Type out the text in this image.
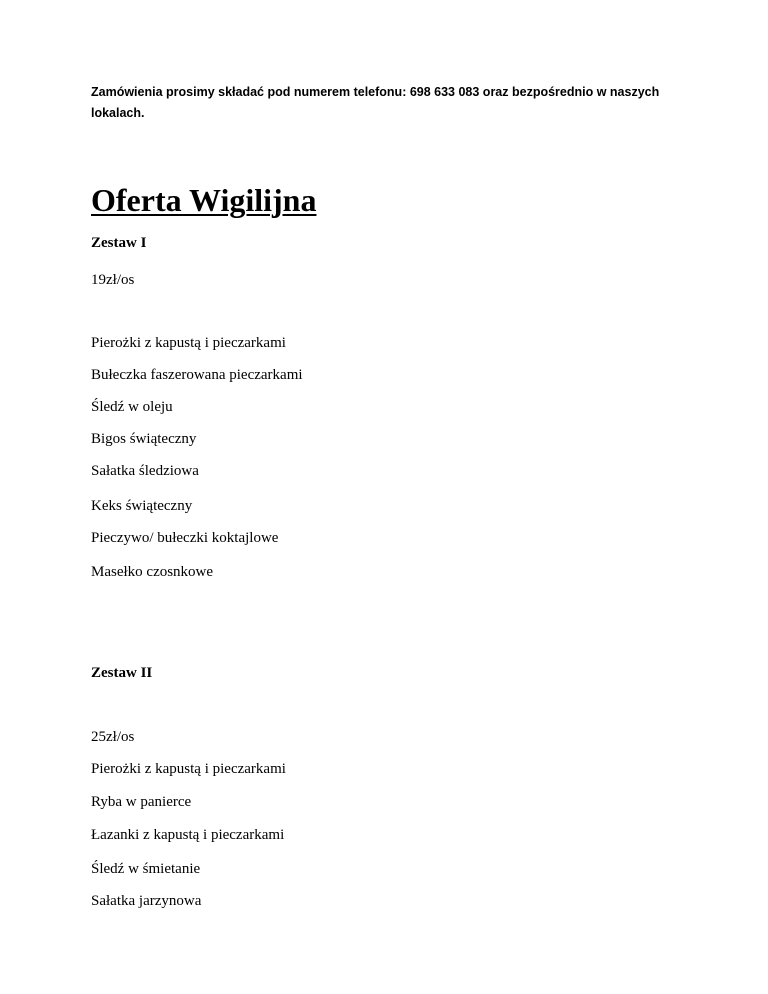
Zamówienia prosimy składać pod numerem telefonu: 698 633 083 oraz bezpośrednio w naszych lokalach.

Oferta Wigilijna

Zestaw I

19zł/os

Pierożki z kapustą i pieczarkami

Bułeczka faszerowana pieczarkami

Śledź w oleju

Bigos świąteczny

Sałatka śledziowa

Keks świąteczny

Pieczywo/ bułeczki koktajlowe

Masełko czosnkowe

Zestaw II

25zł/os

Pierożki z kapustą i pieczarkami

Ryba w panierce

Łazanki z kapustą i pieczarkami

Śledź w śmietanie

Sałatka jarzynowa
